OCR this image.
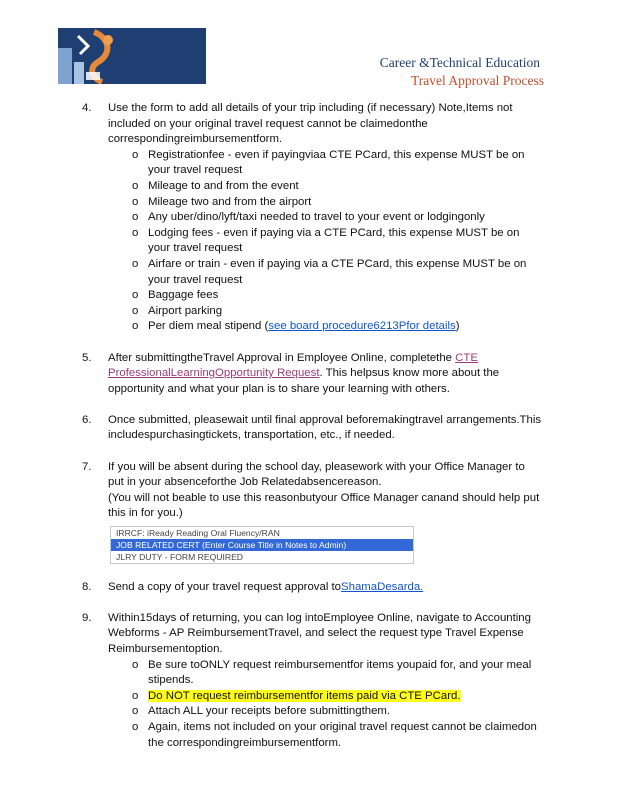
Career &Technical Education
Travel Approval Process
4. Use the form to add all details of your trip including (if necessary) Note,Items not included on your original travel request cannot be claimedonthe correspondingreimbursementform.
o Registrationfee - even if payingviaa CTE PCard, this expense MUST be on your travel request
o Mileage to and from the event
o Mileage two and from the airport
o Any uber/dino/lyft/taxi needed to travel to your event or lodgingonly
o Lodging fees - even if paying via a CTE PCard, this expense MUST be on your travel request
o Airfare or train - even if paying via a CTE PCard, this expense MUST be on your travel request
o Baggage fees
o Airport parking
o Per diem meal stipend (see board procedure6213Pfor details)
5. After submittingtheTravel Approval in Employee Online, completethe CTE ProfessionalLearningOpportunity Request. This helpsus know more about the opportunity and what your plan is to share your learning with others.
6. Once submitted, pleasewait until final approval beforemakingtravel arrangements.This includespurchasingtickets, transportation, etc., if needed.
7. If you will be absent during the school day, pleasework with your Office Manager to put in your absenceforthe Job Relatedabsencereason.
(You will not beable to use this reasonbutyour Office Manager canand should help put this in for you.)
IRRCF: iReady Reading Oral Fluency/RAN
JOB RELATED CERT (Enter Course Title in Notes to Admin)
JLRY DUTY - FORM REQUIRED
8. Send a copy of your travel request approval toShamaDesarda.
9. Within15days of returning, you can log intoEmployee Online, navigate to Accounting Webforms - AP ReimbursementTravel, and select the request type Travel Expense Reimbursementoption.
o Be sure toONLY request reimbursementfor items youpaid for, and your meal stipends.
o Do NOT request reimbursementfor items paid via CTE PCard.
o Attach ALL your receipts before submittingthem.
o Again, items not included on your original travel request cannot be claimedon the correspondingreimbursementform.
